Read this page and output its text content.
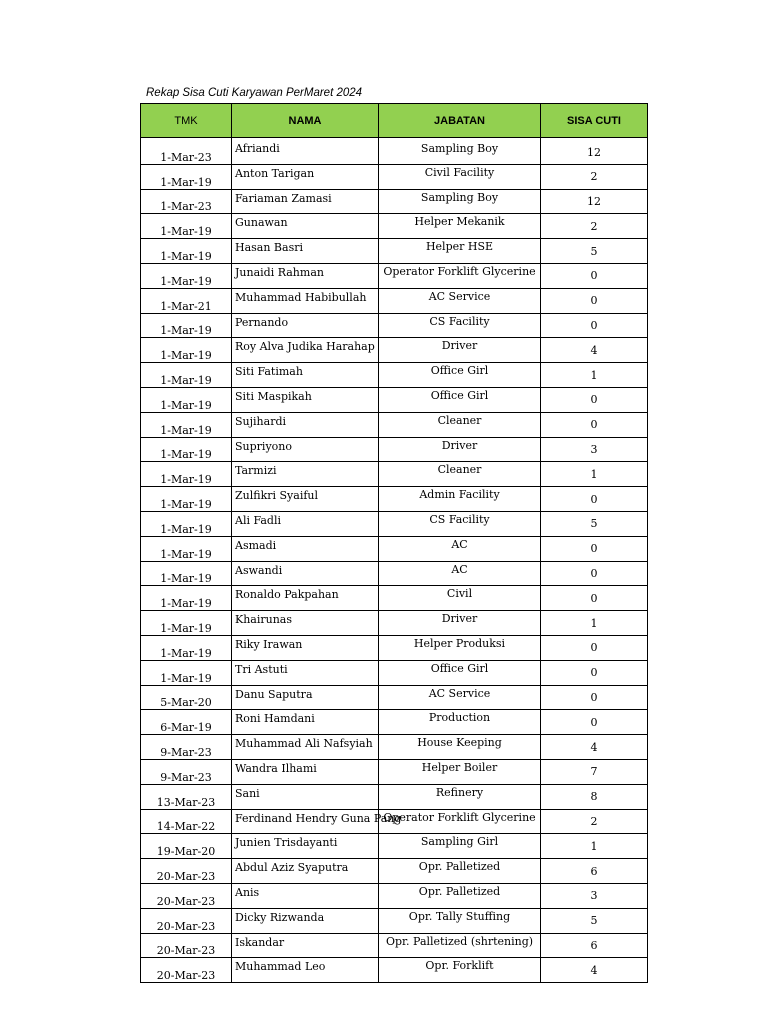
Rekap Sisa Cuti Karyawan PerMaret 2024
TMK	NAMA	JABATAN	SISA CUTI
1-Mar-23	Afriandi	Sampling Boy	12
1-Mar-19	Anton Tarigan	Civil Facility	2
1-Mar-23	Fariaman Zamasi	Sampling Boy	12
1-Mar-19	Gunawan	Helper Mekanik	2
1-Mar-19	Hasan Basri	Helper HSE	5
1-Mar-19	Junaidi Rahman	Operator Forklift Glycerine	0
1-Mar-21	Muhammad Habibullah	AC Service	0
1-Mar-19	Pernando	CS Facility	0
1-Mar-19	Roy Alva Judika Harahap	Driver	4
1-Mar-19	Siti Fatimah	Office Girl	1
1-Mar-19	Siti Maspikah	Office Girl	0
1-Mar-19	Sujihardi	Cleaner	0
1-Mar-19	Supriyono	Driver	3
1-Mar-19	Tarmizi	Cleaner	1
1-Mar-19	Zulfikri Syaiful	Admin Facility	0
1-Mar-19	Ali Fadli	CS Facility	5
1-Mar-19	Asmadi	AC	0
1-Mar-19	Aswandi	AC	0
1-Mar-19	Ronaldo Pakpahan	Civil	0
1-Mar-19	Khairunas	Driver	1
1-Mar-19	Riky Irawan	Helper Produksi	0
1-Mar-19	Tri Astuti	Office Girl	0
5-Mar-20	Danu Saputra	AC Service	0
6-Mar-19	Roni Hamdani	Production	0
9-Mar-23	Muhammad Ali Nafsyiah	House Keeping	4
9-Mar-23	Wandra Ilhami	Helper Boiler	7
13-Mar-23	Sani	Refinery	8
14-Mar-22	Ferdinand Hendry Guna Pang	Operator Forklift Glycerine	2
19-Mar-20	Junien Trisdayanti	Sampling Girl	1
20-Mar-23	Abdul Aziz Syaputra	Opr. Palletized	6
20-Mar-23	Anis	Opr. Palletized	3
20-Mar-23	Dicky Rizwanda	Opr. Tally Stuffing	5
20-Mar-23	Iskandar	Opr. Palletized (shrtening)	6
20-Mar-23	Muhammad Leo	Opr. Forklift	4
